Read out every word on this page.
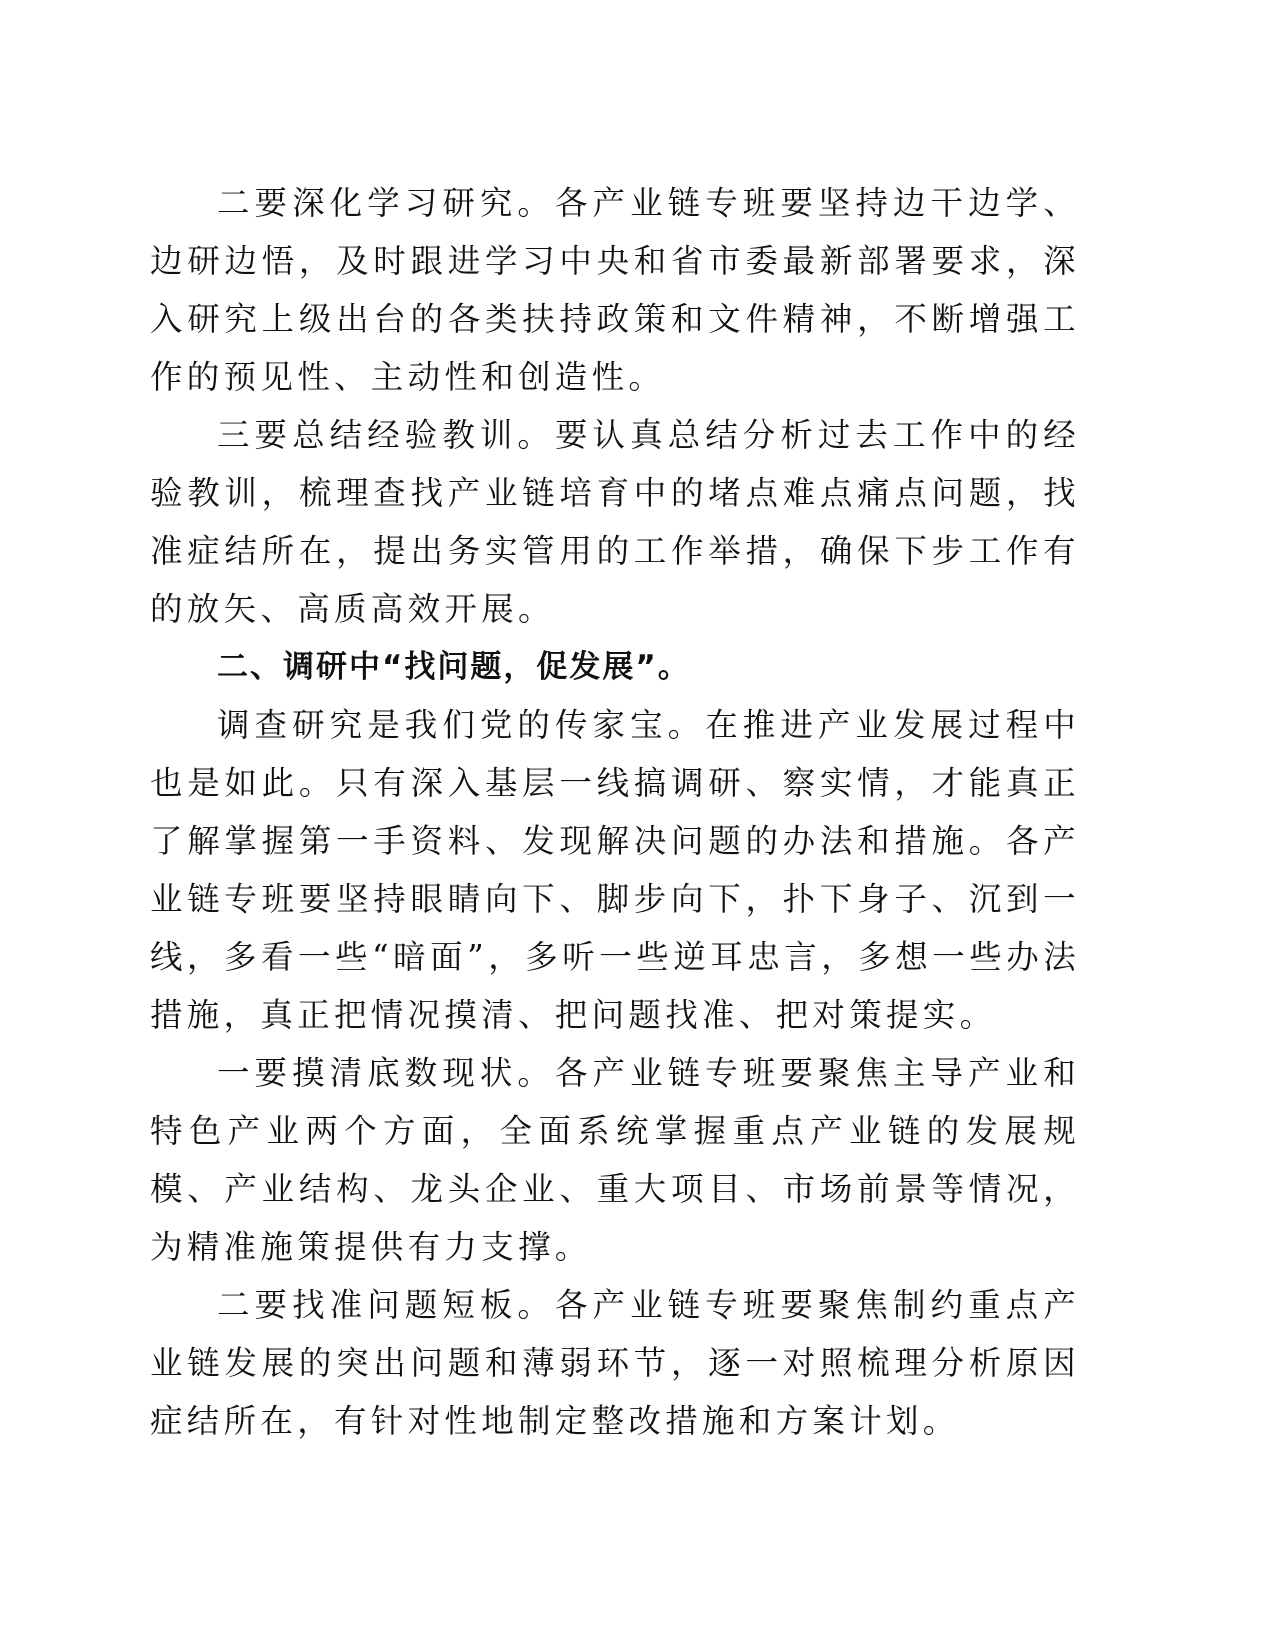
二要深化学习研究。各产业链专班要坚持边干边学、边研边悟，及时跟进学习中央和省市委最新部署要求，深入研究上级出台的各类扶持政策和文件精神，不断增强工作的预见性、主动性和创造性。

三要总结经验教训。要认真总结分析过去工作中的经验教训，梳理查找产业链培育中的堵点难点痛点问题，找准症结所在，提出务实管用的工作举措，确保下步工作有的放矢、高质高效开展。

二、调研中“找问题，促发展”。

调查研究是我们党的传家宝。在推进产业发展过程中也是如此。只有深入基层一线搞调研、察实情，才能真正了解掌握第一手资料、发现解决问题的办法和措施。各产业链专班要坚持眼睛向下、脚步向下，扑下身子、沉到一线，多看一些“暗面”，多听一些逆耳忠言，多想一些办法措施，真正把情况摸清、把问题找准、把对策提实。

一要摸清底数现状。各产业链专班要聚焦主导产业和特色产业两个方面，全面系统掌握重点产业链的发展规模、产业结构、龙头企业、重大项目、市场前景等情况，为精准施策提供有力支撑。

二要找准问题短板。各产业链专班要聚焦制约重点产业链发展的突出问题和薄弱环节，逐一对照梳理分析原因症结所在，有针对性地制定整改措施和方案计划。
